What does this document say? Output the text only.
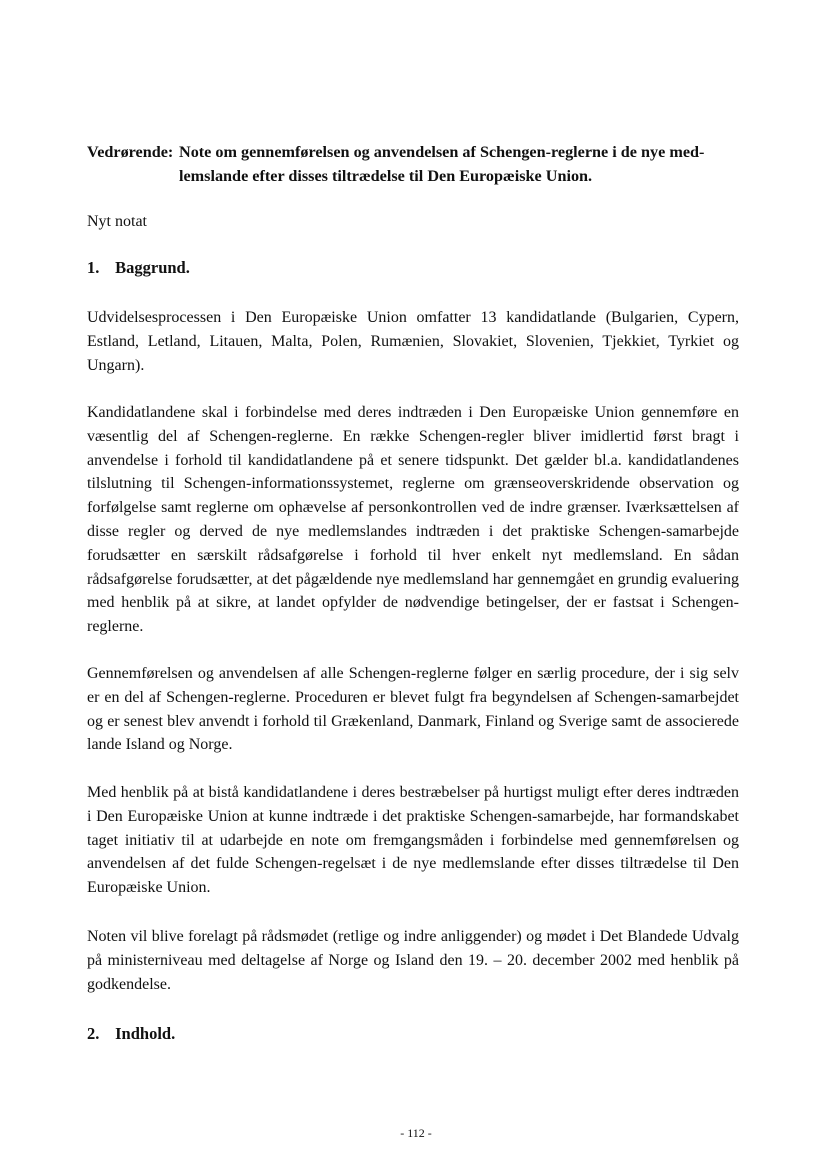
Vedrørende: Note om gennemførelsen og anvendelsen af Schengen-reglerne i de nye med-
lemslande efter disses tiltrædelse til Den Europæiske Union.
Nyt notat
1. Baggrund.

Udvidelsesprocessen i Den Europæiske Union omfatter 13 kandidatlande (Bulgarien, Cypern, Estland, Letland, Litauen, Malta, Polen, Rumænien, Slovakiet, Slovenien, Tjekkiet, Tyrkiet og Ungarn).

Kandidatlandene skal i forbindelse med deres indtræden i Den Europæiske Union gennemføre en væsentlig del af Schengen-reglerne. En række Schengen-regler bliver imidlertid først bragt i anvendelse i forhold til kandidatlandene på et senere tidspunkt. Det gælder bl.a. kandidatlandenes tilslutning til Schengen-informationssystemet, reglerne om grænseoverskridende observation og forfølgelse samt reglerne om ophævelse af personkontrollen ved de indre grænser. Iværksættelsen af disse regler og derved de nye medlemslandes indtræden i det praktiske Schengen-samarbejde forudsætter en særskilt rådsafgørelse i forhold til hver enkelt nyt medlemsland. En sådan rådsafgørelse forudsætter, at det pågældende nye medlemsland har gennemgået en grundig evaluering med henblik på at sikre, at landet opfylder de nødvendige betingelser, der er fastsat i Schengen-reglerne.

Gennemførelsen og anvendelsen af alle Schengen-reglerne følger en særlig procedure, der i sig selv er en del af Schengen-reglerne. Proceduren er blevet fulgt fra begyndelsen af Schengen-samarbejdet og er senest blev anvendt i forhold til Grækenland, Danmark, Finland og Sverige samt de associerede lande Island og Norge.

Med henblik på at bistå kandidatlandene i deres bestræbelser på hurtigst muligt efter deres indtræden i Den Europæiske Union at kunne indtræde i det praktiske Schengen-samarbejde, har formandskabet taget initiativ til at udarbejde en note om fremgangsmåden i forbindelse med gennemførelsen og anvendelsen af det fulde Schengen-regelsæt i de nye medlemslande efter disses tiltrædelse til Den Europæiske Union.

Noten vil blive forelagt på rådsmødet (retlige og indre anliggender) og mødet i Det Blandede Udvalg på ministerniveau med deltagelse af Norge og Island den 19. – 20. december 2002 med henblik på godkendelse.

2. Indhold.
- 112 -
